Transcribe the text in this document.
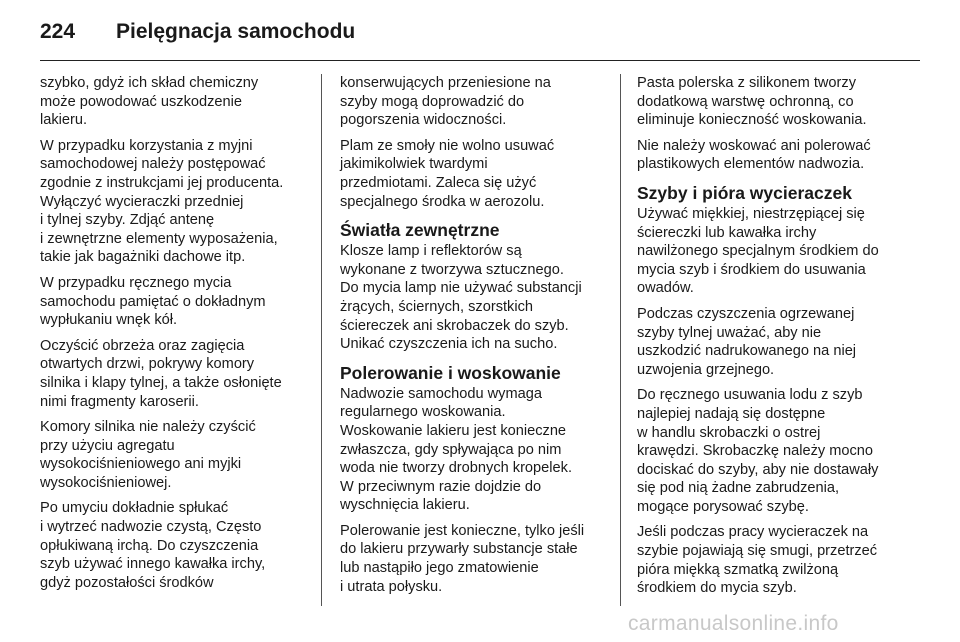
224	Pielęgnacja samochodu

szybko, gdyż ich skład chemiczny
może powodować uszkodzenie
lakieru.

W przypadku korzystania z myjni
samochodowej należy postępować
zgodnie z instrukcjami jej producenta.
Wyłączyć wycieraczki przedniej
i tylnej szyby. Zdjąć antenę
i zewnętrzne elementy wyposażenia,
takie jak bagażniki dachowe itp.

W przypadku ręcznego mycia
samochodu pamiętać o dokładnym
wypłukaniu wnęk kół.

Oczyścić obrzeża oraz zagięcia
otwartych drzwi, pokrywy komory
silnika i klapy tylnej, a także osłonięte
nimi fragmenty karoserii.

Komory silnika nie należy czyścić
przy użyciu agregatu
wysokociśnieniowego ani myjki
wysokociśnieniowej.

Po umyciu dokładnie spłukać
i wytrzeć nadwozie czystą, Często
opłukiwaną irchą. Do czyszczenia
szyb używać innego kawałka irchy,
gdyż pozostałości środków

konserwujących przeniesione na
szyby mogą doprowadzić do
pogorszenia widoczności.

Plam ze smoły nie wolno usuwać
jakimikolwiek twardymi
przedmiotami. Zaleca się użyć
specjalnego środka w aerozolu.

Światła zewnętrzne

Klosze lamp i reflektorów są
wykonane z tworzywa sztucznego.
Do mycia lamp nie używać substancji
żrących, ściernych, szorstkich
ściereczek ani skrobaczek do szyb.
Unikać czyszczenia ich na sucho.

Polerowanie i woskowanie

Nadwozie samochodu wymaga
regularnego woskowania.
Woskowanie lakieru jest konieczne
zwłaszcza, gdy spływająca po nim
woda nie tworzy drobnych kropelek.
W przeciwnym razie dojdzie do
wyschnięcia lakieru.

Polerowanie jest konieczne, tylko jeśli
do lakieru przywarły substancje stałe
lub nastąpiło jego zmatowienie
i utrata połysku.

Pasta polerska z silikonem tworzy
dodatkową warstwę ochronną, co
eliminuje konieczność woskowania.

Nie należy woskować ani polerować
plastikowych elementów nadwozia.

Szyby i pióra wycieraczek

Używać miękkiej, niestrzępiącej się
ściereczki lub kawałka irchy
nawilżonego specjalnym środkiem do
mycia szyb i środkiem do usuwania
owadów.

Podczas czyszczenia ogrzewanej
szyby tylnej uważać, aby nie
uszkodzić nadrukowanego na niej
uzwojenia grzejnego.

Do ręcznego usuwania lodu z szyb
najlepiej nadają się dostępne
w handlu skrobaczki o ostrej
krawędzi. Skrobaczkę należy mocno
dociskać do szyby, aby nie dostawały
się pod nią żadne zabrudzenia,
mogące porysować szybę.

Jeśli podczas pracy wycieraczek na
szybie pojawiają się smugi, przetrzeć
pióra miękką szmatką zwilżoną
środkiem do mycia szyb.

carmanualsonline.info
